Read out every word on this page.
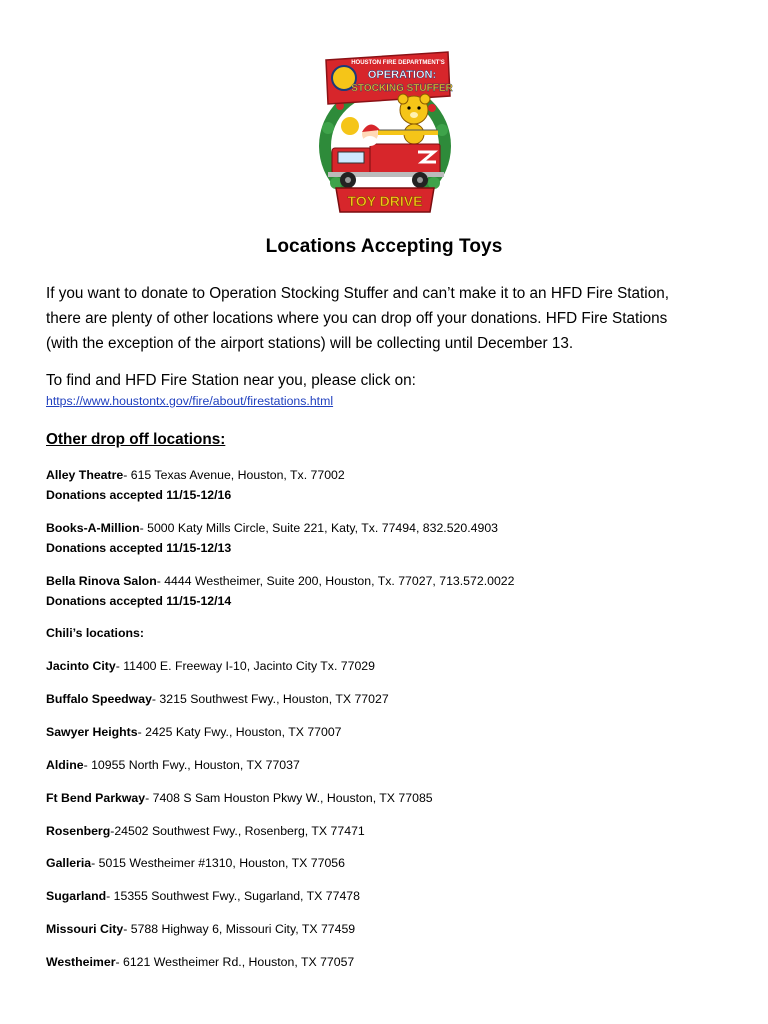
HOUSTON FIRE DEPARTMENT'S
OPERATION:
STOCKING STUFFER
TOY DRIVE
Locations Accepting Toys
If you want to donate to Operation Stocking Stuffer and can’t make it to an HFD Fire Station,
there are plenty of other locations where you can drop off your donations. HFD Fire Stations
(with the exception of the airport stations) will be collecting until December 13.
To find and HFD Fire Station near you, please click on:
https://www.houstontx.gov/fire/about/firestations.html
Other drop off locations:
Alley Theatre- 615 Texas Avenue, Houston, Tx. 77002
Donations accepted 11/15-12/16
Books-A-Million- 5000 Katy Mills Circle, Suite 221, Katy, Tx. 77494, 832.520.4903
Donations accepted 11/15-12/13
Bella Rinova Salon- 4444 Westheimer, Suite 200, Houston, Tx. 77027, 713.572.0022
Donations accepted 11/15-12/14
Chili’s locations:
Jacinto City- 11400 E. Freeway I-10, Jacinto City Tx. 77029
Buffalo Speedway- 3215 Southwest Fwy., Houston, TX 77027
Sawyer Heights- 2425 Katy Fwy., Houston, TX 77007
Aldine- 10955 North Fwy., Houston, TX 77037
Ft Bend Parkway- 7408 S Sam Houston Pkwy W., Houston, TX 77085
Rosenberg-24502 Southwest Fwy., Rosenberg, TX 77471
Galleria- 5015 Westheimer #1310, Houston, TX 77056
Sugarland- 15355 Southwest Fwy., Sugarland, TX 77478
Missouri City- 5788 Highway 6, Missouri City, TX 77459
Westheimer- 6121 Westheimer Rd., Houston, TX 77057
